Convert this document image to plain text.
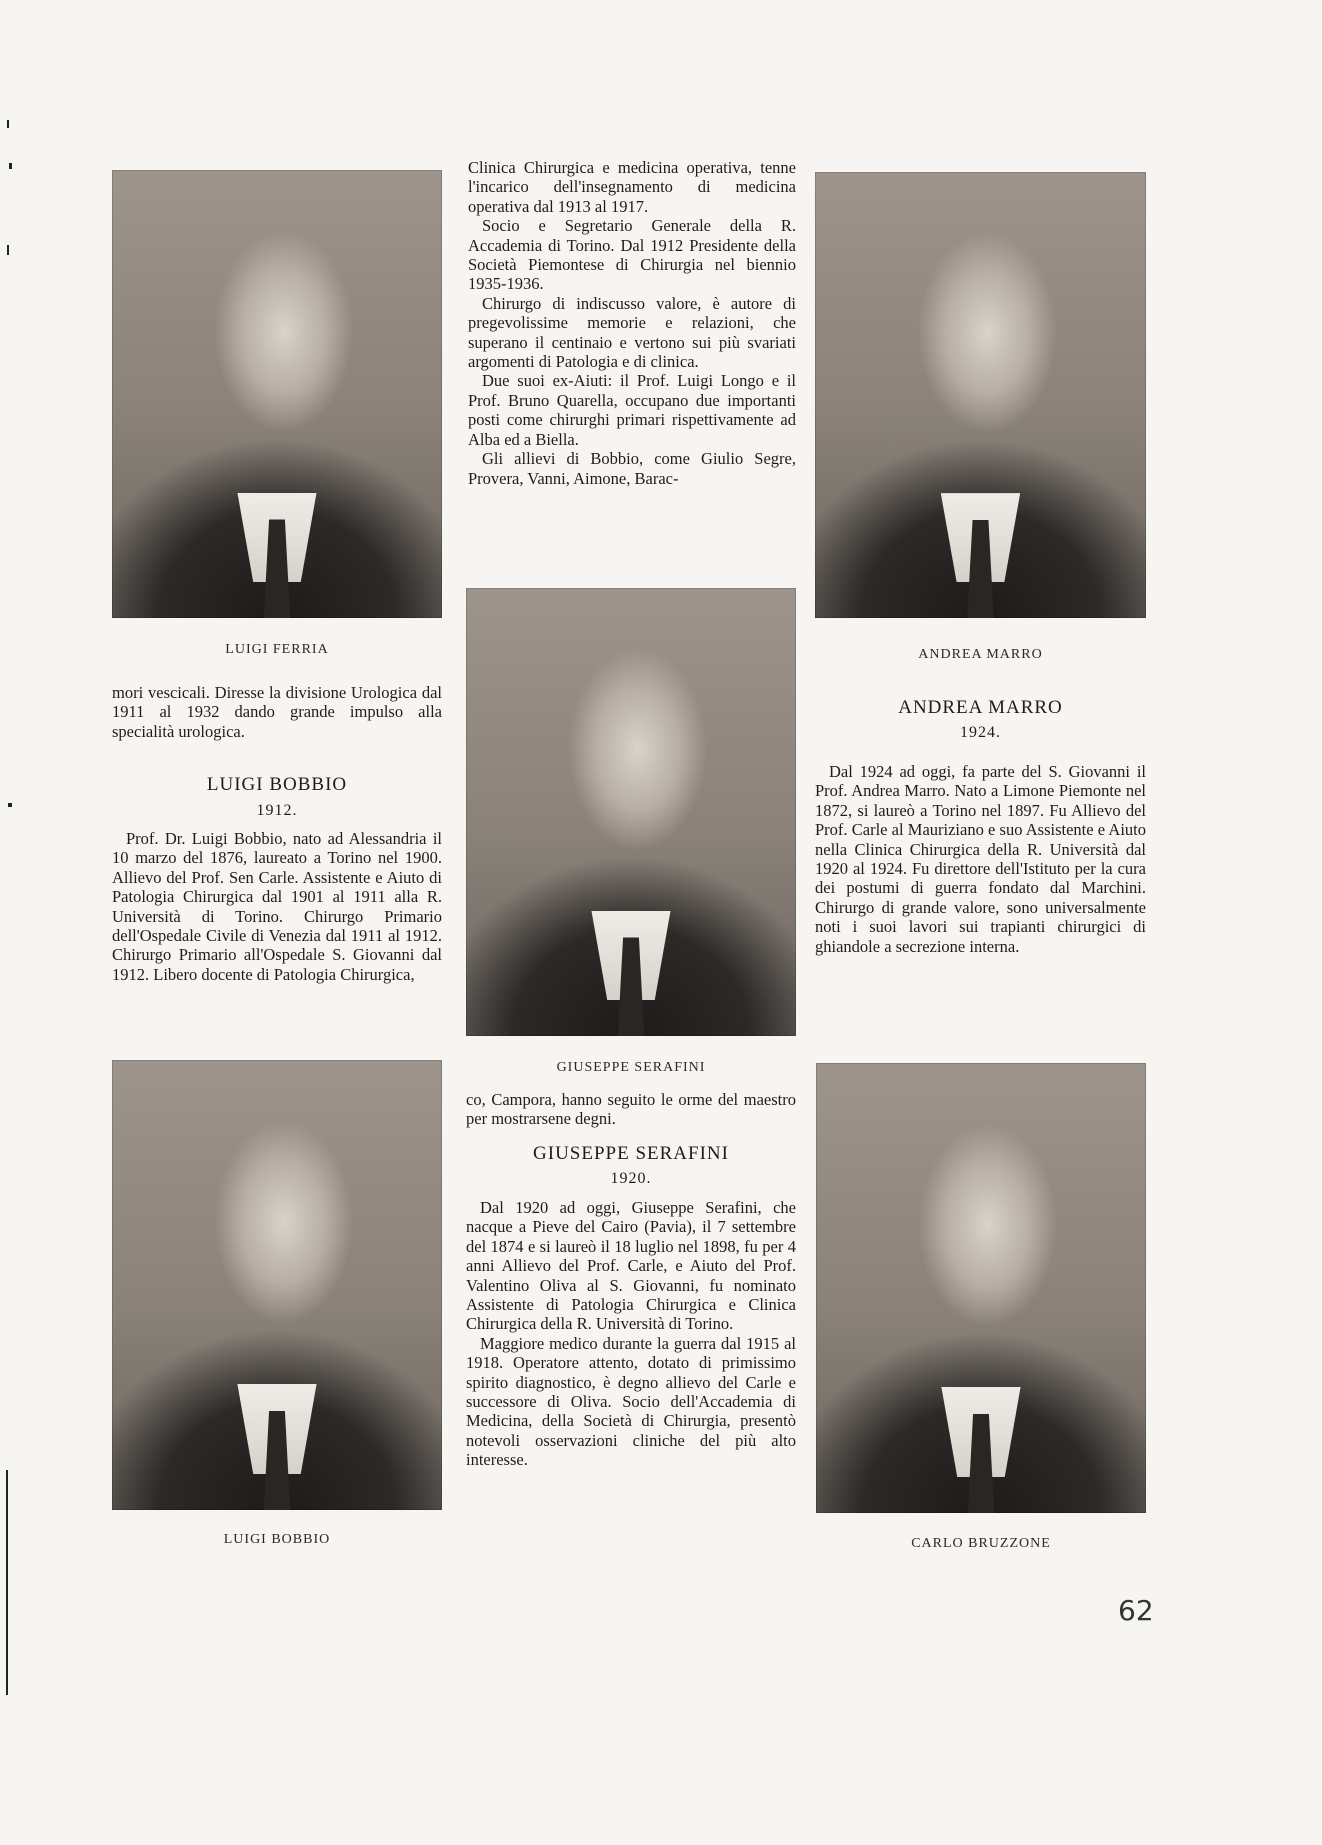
LUIGI FERRIA	ANDREA MARRO
GIUSEPPE SERAFINI
LUIGI BOBBIO	CARLO BRUZZONE

Clinica Chirurgica e medicina operativa, tenne l'incarico dell'insegnamento di medicina operativa dal 1913 al 1917.

Socio e Segretario Generale della R. Accademia di Torino. Dal 1912 Presidente della Società Piemontese di Chirurgia nel biennio 1935-1936.

Chirurgo di indiscusso valore, è autore di pregevolissime memorie e relazioni, che superano il centinaio e vertono sui più svariati argomenti di Patologia e di clinica.

Due suoi ex-Aiuti: il Prof. Luigi Longo e il Prof. Bruno Quarella, occupano due importanti posti come chirurghi primari rispettivamente ad Alba ed a Biella.

Gli allievi di Bobbio, come Giulio Segre, Provera, Vanni, Aimone, Barac-

mori vescicali. Diresse la divisione Urologica dal 1911 al 1932 dando grande impulso alla specialità urologica.

LUIGI BOBBIO
1912.

Prof. Dr. Luigi Bobbio, nato ad Alessandria il 10 marzo del 1876, laureato a Torino nel 1900. Allievo del Prof. Sen Carle. Assistente e Aiuto di Patologia Chirurgica dal 1901 al 1911 alla R. Università di Torino. Chirurgo Primario dell'Ospedale Civile di Venezia dal 1911 al 1912. Chirurgo Primario all'Ospedale S. Giovanni dal 1912. Libero docente di Patologia Chirurgica,

ANDREA MARRO
1924.

Dal 1924 ad oggi, fa parte del S. Giovanni il Prof. Andrea Marro. Nato a Limone Piemonte nel 1872, si laureò a Torino nel 1897. Fu Allievo del Prof. Carle al Mauriziano e suo Assistente e Aiuto nella Clinica Chirurgica della R. Università dal 1920 al 1924. Fu direttore dell'Istituto per la cura dei postumi di guerra fondato dal Marchini. Chirurgo di grande valore, sono universalmente noti i suoi lavori sui trapianti chirurgici di ghiandole a secrezione interna.

co, Campora, hanno seguito le orme del maestro per mostrarsene degni.

GIUSEPPE SERAFINI
1920.

Dal 1920 ad oggi, Giuseppe Serafini, che nacque a Pieve del Cairo (Pavia), il 7 settembre del 1874 e si laureò il 18 luglio nel 1898, fu per 4 anni Allievo del Prof. Carle, e Aiuto del Prof. Valentino Oliva al S. Giovanni, fu nominato Assistente di Patologia Chirurgica e Clinica Chirurgica della R. Università di Torino.

Maggiore medico durante la guerra dal 1915 al 1918. Operatore attento, dotato di primissimo spirito diagnostico, è degno allievo del Carle e successore di Oliva. Socio dell'Accademia di Medicina, della Società di Chirurgia, presentò notevoli osservazioni cliniche del più alto interesse.

62
